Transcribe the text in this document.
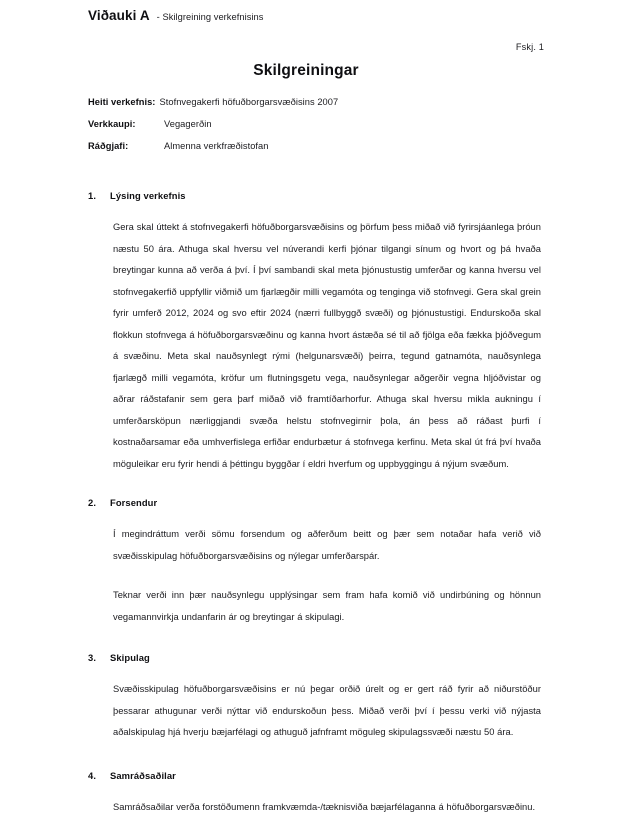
Viðauki A - Skilgreining verkefnisins
Fskj. 1
Skilgreiningar
Heiti verkefnis: Stofnvegakerfi höfuðborgarsvæðisins 2007
Verkkaupi:	Vegagerðin
Ráðgjafi:	Almenna verkfræðistofan
1. Lýsing verkefnis

Gera skal úttekt á stofnvegakerfi höfuðborgarsvæðisins og þörfum þess miðað við fyrirsjáanlega þróun næstu 50 ára. Athuga skal hversu vel núverandi kerfi þjónar tilgangi sínum og hvort og þá hvaða breytingar kunna að verða á því. Í því sambandi skal meta þjónustustig umferðar og kanna hversu vel stofnvegakerfið uppfyllir viðmið um fjarlægðir milli vegamóta og tenginga við stofnvegi. Gera skal grein fyrir umferð 2012, 2024 og svo eftir 2024 (nærri fullbyggð svæði) og þjónustustigi. Endurskoða skal flokkun stofnvega á höfuðborgarsvæðinu og kanna hvort ástæða sé til að fjölga eða fækka þjóðvegum á svæðinu. Meta skal nauðsynlegt rými (helgunarsvæði) þeirra, tegund gatnamóta, nauðsynlega fjarlægð milli vegamóta, kröfur um flutningsgetu vega, nauðsynlegar aðgerðir vegna hljóðvistar og aðrar ráðstafanir sem gera þarf miðað við framtíðarhorfur. Athuga skal hversu mikla aukningu í umferðarsköpun nærliggjandi svæða helstu stofnvegirnir þola, án þess að ráðast þurfi í kostnaðarsamar eða umhverfislega erfiðar endurbætur á stofnvega kerfinu. Meta skal út frá því hvaða möguleikar eru fyrir hendi á þéttingu byggðar í eldri hverfum og uppbyggingu á nýjum svæðum.

2. Forsendur

Í megindráttum verði sömu forsendum og aðferðum beitt og þær sem notaðar hafa verið við svæðisskipulag höfuðborgarsvæðisins og nýlegar umferðarspár.

Teknar verði inn þær nauðsynlegu upplýsingar sem fram hafa komið við undirbúning og hönnun vegamannvirkja undanfarin ár og breytingar á skipulagi.

3. Skipulag

Svæðisskipulag höfuðborgarsvæðisins er nú þegar orðið úrelt og er gert ráð fyrir að niðurstöður þessarar athugunar verði nýttar við endurskoðun þess. Miðað verði því í þessu verki við nýjasta aðalskipulag hjá hverju bæjarfélagi og athuguð jafnframt möguleg skipulagssvæði næstu 50 ára.

4. Samráðsaðilar

Samráðsaðilar verða forstöðumenn framkvæmda-/tæknisviða bæjarfélaganna á höfuðborgarsvæðinu.
